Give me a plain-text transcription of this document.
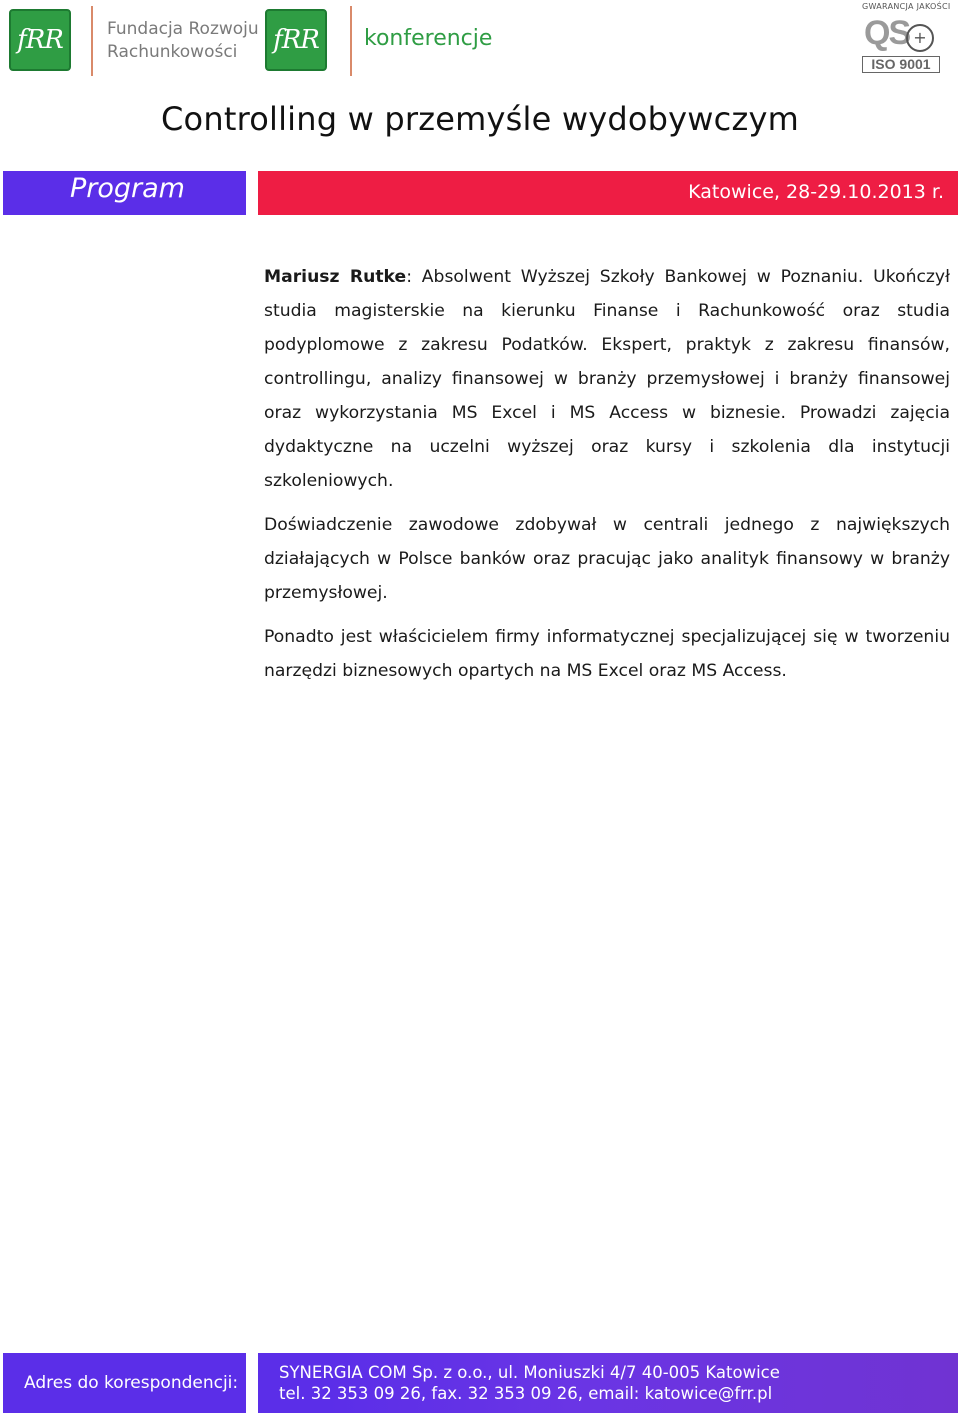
fRR	Fundacja Rozwoju
Rachunkowości	fRR	konferencje
GWARANCJA JAKOŚCI
QS
+
ISO 9001
Controlling w przemyśle wydobywczym
Program	Katowice, 28-29.10.2013 r.

Mariusz Rutke: Absolwent Wyższej Szkoły Bankowej w Poznaniu. Ukończył studia magisterskie na kierunku Finanse i Rachunkowość oraz studia podyplomowe z zakresu Podatków. Ekspert, praktyk z zakresu finansów, controllingu, analizy finansowej w branży przemysłowej i branży finansowej oraz wykorzystania MS Excel i MS Access w biznesie. Prowadzi zajęcia dydaktyczne na uczelni wyższej oraz kursy i szkolenia dla instytucji szkoleniowych.

Doświadczenie zawodowe zdobywał w centrali jednego z największych działających w Polsce banków oraz pracując jako analityk finansowy w branży przemysłowej.

Ponadto jest właścicielem firmy informatycznej specjalizującej się w tworzeniu narzędzi biznesowych opartych na MS Excel oraz MS Access.

Adres do korespondencji:
SYNERGIA COM Sp. z o.o., ul. Moniuszki 4/7 40-005 Katowice
tel. 32 353 09 26, fax. 32 353 09 26, email: katowice@frr.pl
